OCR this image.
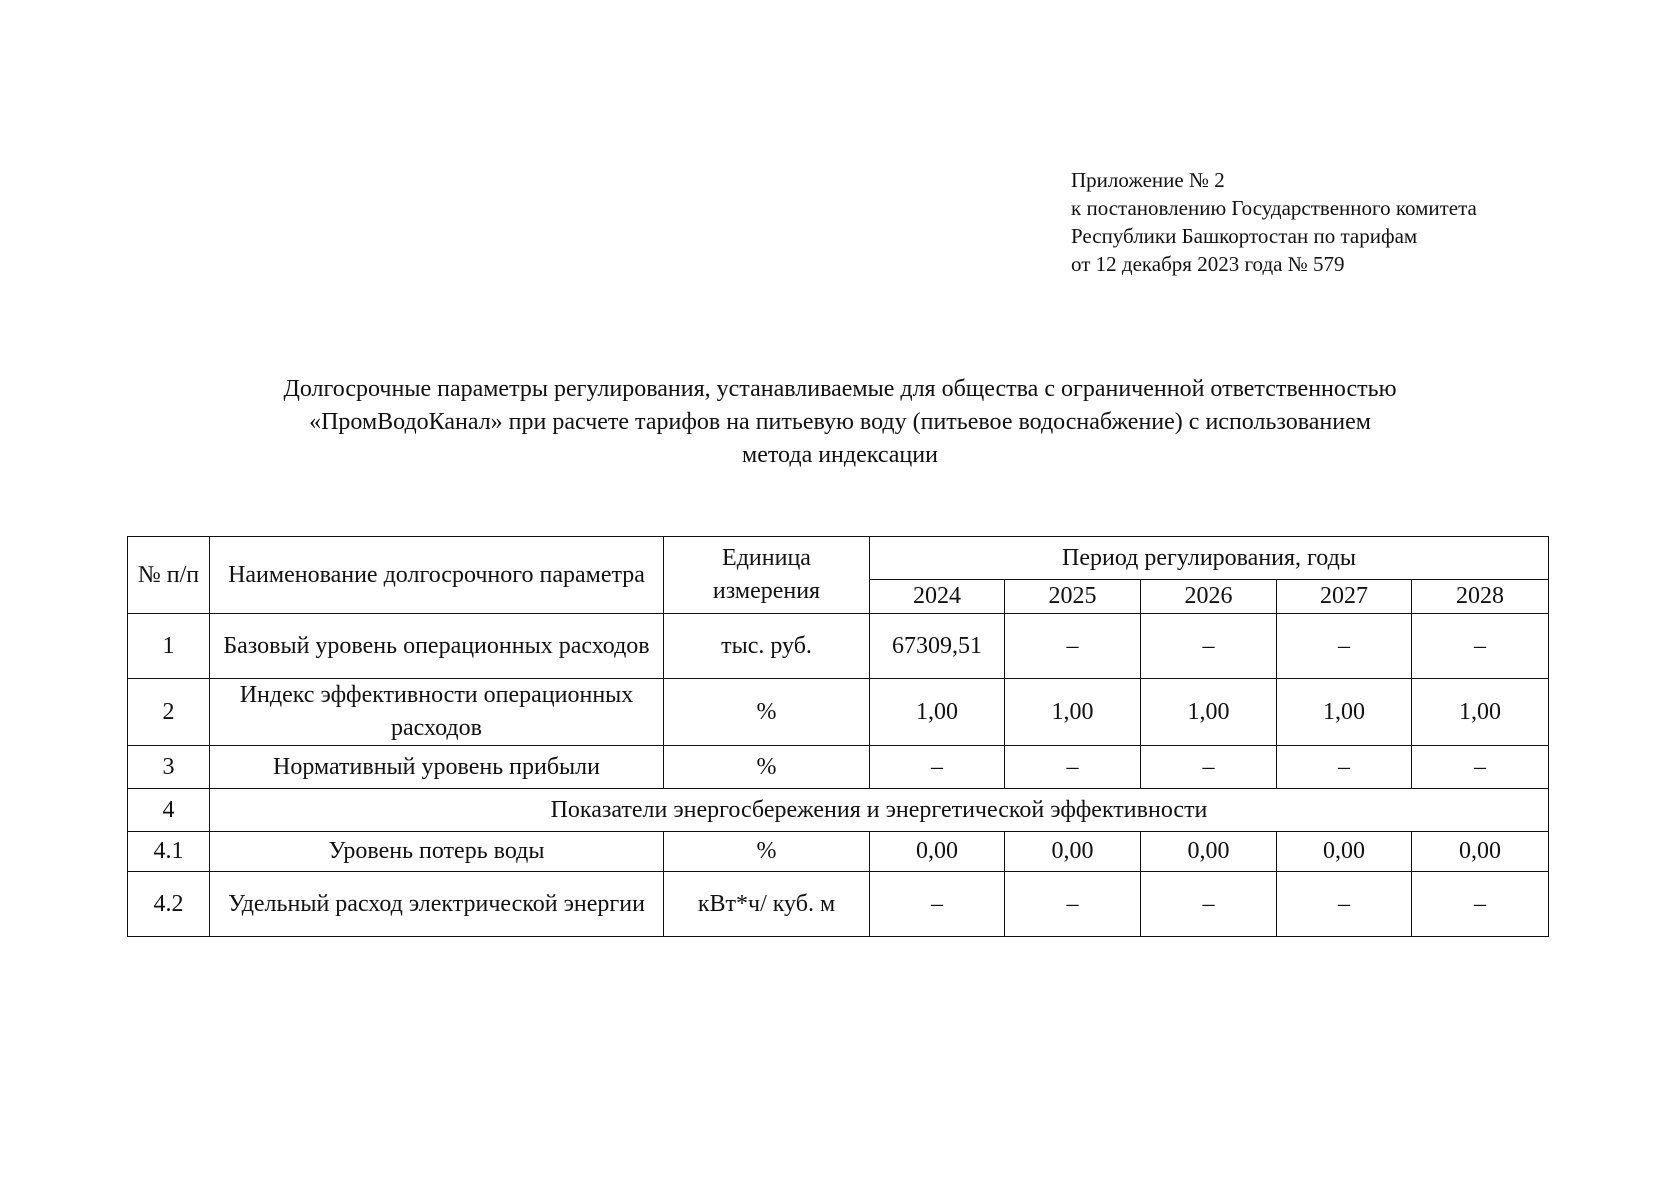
Приложение № 2
к постановлению Государственного комитета
Республики Башкортостан по тарифам
от 12 декабря 2023 года № 579
Долгосрочные параметры регулирования, устанавливаемые для общества с ограниченной ответственностью
«ПромВодоКанал» при расчете тарифов на питьевую воду (питьевое водоснабжение) с использованием
метода индексации
№ п/п	Наименование долгосрочного параметра	Единица измерения	Период регулирования, годы				
			2024	2025	2026	2027	2028
1	Базовый уровень операционных расходов	тыс. руб.	67309,51	–	–	–	–
2	Индекс эффективности операционных расходов	%	1,00	1,00	1,00	1,00	1,00
3	Нормативный уровень прибыли	%	–	–	–	–	–
4	Показатели энергосбережения и энергетической эффективности						
4.1	Уровень потерь воды	%	0,00	0,00	0,00	0,00	0,00
4.2	Удельный расход электрической энергии	кВт*ч/ куб. м	–	–	–	–	–
